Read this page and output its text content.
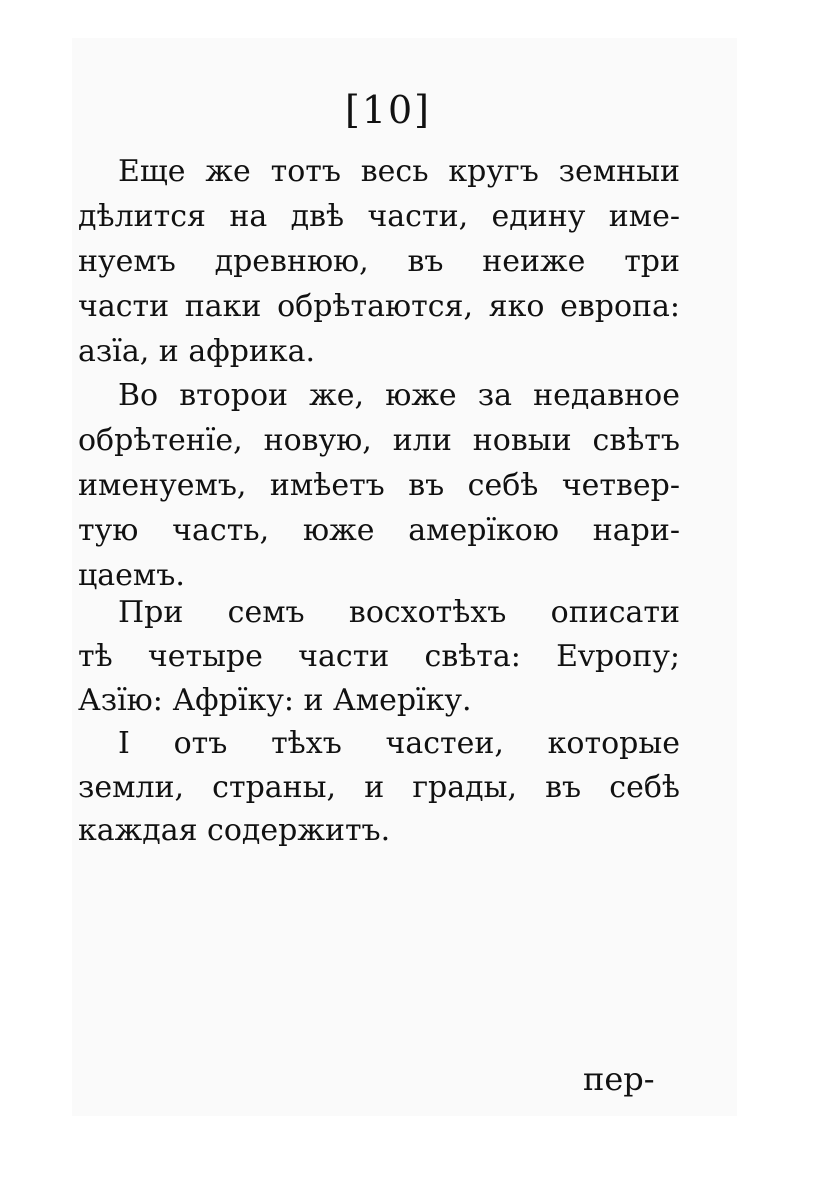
[10]
Еще же тотъ весь кругъ земныи
дѣлится на двѣ части, едину име-
нуемъ древнюю, въ неиже три
части паки обрѣтаются, яко европа:
азїа, и африка.
Во второи же, юже за недавное
обрѣтенїе, новую, или новыи свѣтъ
именуемъ, имѣетъ въ себѣ четвер-
тую часть, юже амерїкою нари-
цаемъ.
При семъ восхотѣхъ описати
тѣ четыре части свѣта: Еvропу;
Азїю: Афрїку: и Амерїку.
І отъ тѣхъ частеи, которые
земли, страны, и грады, въ себѣ
каждая содержитъ.
пер-
